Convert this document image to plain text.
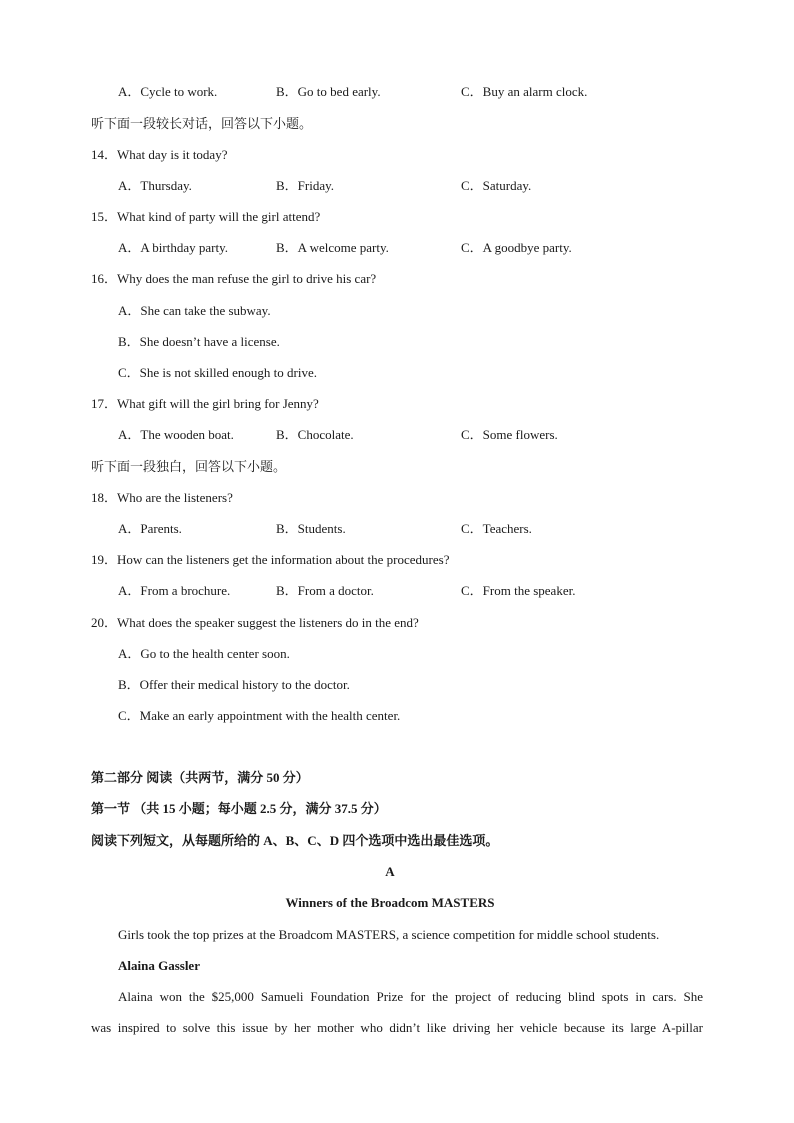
A．Cycle to work.	B．Go to bed early.	C．Buy an alarm clock.
听下面一段较长对话，回答以下小题。
14．What day is it today?
A．Thursday.	B．Friday.	C．Saturday.
15．What kind of party will the girl attend?
A．A birthday party.	B．A welcome party.	C．A goodbye party.
16．Why does the man refuse the girl to drive his car?
A．She can take the subway.
B．She doesn’t have a license.
C．She is not skilled enough to drive.
17．What gift will the girl bring for Jenny?
A．The wooden boat.	B．Chocolate.	C．Some flowers.
听下面一段独白，回答以下小题。
18．Who are the listeners?
A．Parents.	B．Students.	C．Teachers.
19．How can the listeners get the information about the procedures?
A．From a brochure.	B．From a doctor.	C．From the speaker.
20．What does the speaker suggest the listeners do in the end?
A．Go to the health center soon.
B．Offer their medical history to the doctor.
C．Make an early appointment with the health center.
第二部分 阅读（共两节，满分 50 分）
第一节 （共 15 小题；每小题 2.5 分，满分 37.5 分）
阅读下列短文，从每题所给的 A、B、C、D 四个选项中选出最佳选项。
A
Winners of the Broadcom MASTERS
Girls took the top prizes at the Broadcom MASTERS, a science competition for middle school students.
Alaina Gassler
Alaina won the $25,000 Samueli Foundation Prize for the project of reducing blind spots in cars. She
was inspired to solve this issue by her mother who didn’t like driving her vehicle because its large A-pillar
